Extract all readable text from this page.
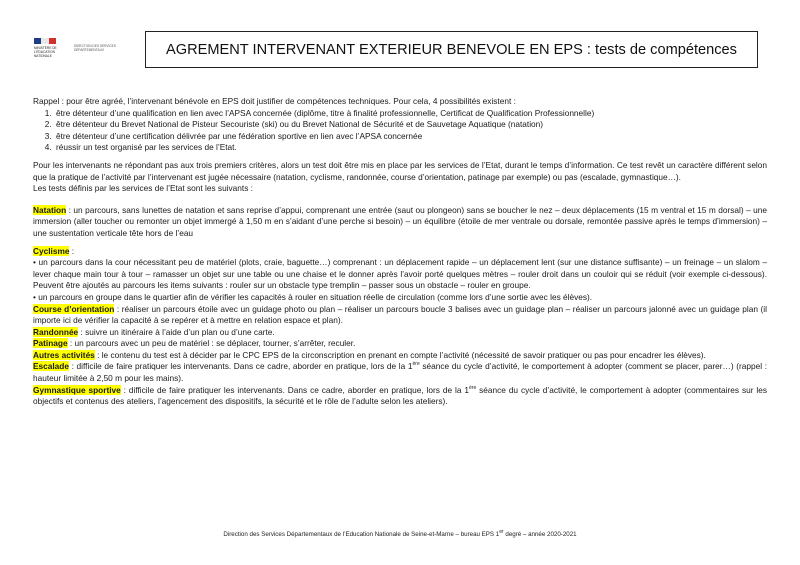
MINISTÈRE DE L'ÉDUCATION NATIONALE
DIRECTION DES SERVICES DÉPARTEMENTAUX	AGREMENT INTERVENANT EXTERIEUR BENEVOLE EN EPS : tests de compétences

Rappel : pour être agréé, l’intervenant bénévole en EPS doit justifier de compétences techniques. Pour cela, 4 possibilités existent :

1. être détenteur d’une qualification en lien avec l’APSA concernée (diplôme, titre à finalité professionnelle, Certificat de Qualification Professionnelle)
2. être détenteur du Brevet National de Pisteur Secouriste (ski) ou du Brevet National de Sécurité et de Sauvetage Aquatique (natation)
3. être détenteur d’une certification délivrée par une fédération sportive en lien avec l’APSA concernée
4. réussir un test organisé par les services de l’Etat.

Pour les intervenants ne répondant pas aux trois premiers critères, alors un test doit être mis en place par les services de l’Etat, durant le temps d’information. Ce test revêt un caractère différent selon que la pratique de l’activité par l’intervenant est jugée nécessaire (natation, cyclisme, randonnée, course d’orientation, patinage par exemple) ou pas (escalade, gymnastique…).

Les tests définis par les services de l’Etat sont les suivants :

Natation : un parcours, sans lunettes de natation et sans reprise d’appui, comprenant une entrée (saut ou plongeon) sans se boucher le nez – deux déplacements (15 m ventral et 15 m dorsal) – une immersion (aller toucher ou remonter un objet immergé à 1,50 m en s’aidant d’une perche si besoin) – un équilibre (étoile de mer ventrale ou dorsale, remontée passive après le temps d’immersion) – une sustentation verticale tête hors de l’eau

Cyclisme :

• un parcours dans la cour nécessitant peu de matériel (plots, craie, baguette…) comprenant : un déplacement rapide – un déplacement lent (sur une distance suffisante) – un freinage – un slalom – lever chaque main tour à tour – ramasser un objet sur une table ou une chaise et le donner après l’avoir porté quelques mètres – rouler droit dans un couloir qui se réduit (voir exemple ci-dessous). Peuvent être ajoutés au parcours les items suivants : rouler sur un obstacle type tremplin – passer sous un obstacle – rouler en groupe.

• un parcours en groupe dans le quartier afin de vérifier les capacités à rouler en situation réelle de circulation (comme lors d’une sortie avec les élèves).

Course d’orientation : réaliser un parcours étoile avec un guidage photo ou plan – réaliser un parcours boucle 3 balises avec un guidage plan – réaliser un parcours jalonné avec un guidage plan (il importe ici de vérifier la capacité à se repérer et à mettre en relation espace et plan).

Randonnée : suivre un itinéraire à l’aide d’un plan ou d’une carte.

Patinage : un parcours avec un peu de matériel : se déplacer, tourner, s’arrêter, reculer.

Autres activités : le contenu du test est à décider par le CPC EPS de la circonscription en prenant en compte l’activité (nécessité de savoir pratiquer ou pas pour encadrer les élèves).

Escalade : difficile de faire pratiquer les intervenants. Dans ce cadre, aborder en pratique, lors de la 1ère séance du cycle d’activité, le comportement à adopter (comment se placer, parer…) (rappel : hauteur limitée à 2,50 m pour les mains).

Gymnastique sportive : difficile de faire pratiquer les intervenants. Dans ce cadre, aborder en pratique, lors de la 1ère séance du cycle d’activité, le comportement à adopter (commentaires sur les objectifs et contenus des ateliers, l’agencement des dispositifs, la sécurité et le rôle de l’adulte selon les ateliers).

Direction des Services Départementaux de l’Education Nationale de Seine-et-Marne – bureau EPS 1er degré – année 2020-2021
